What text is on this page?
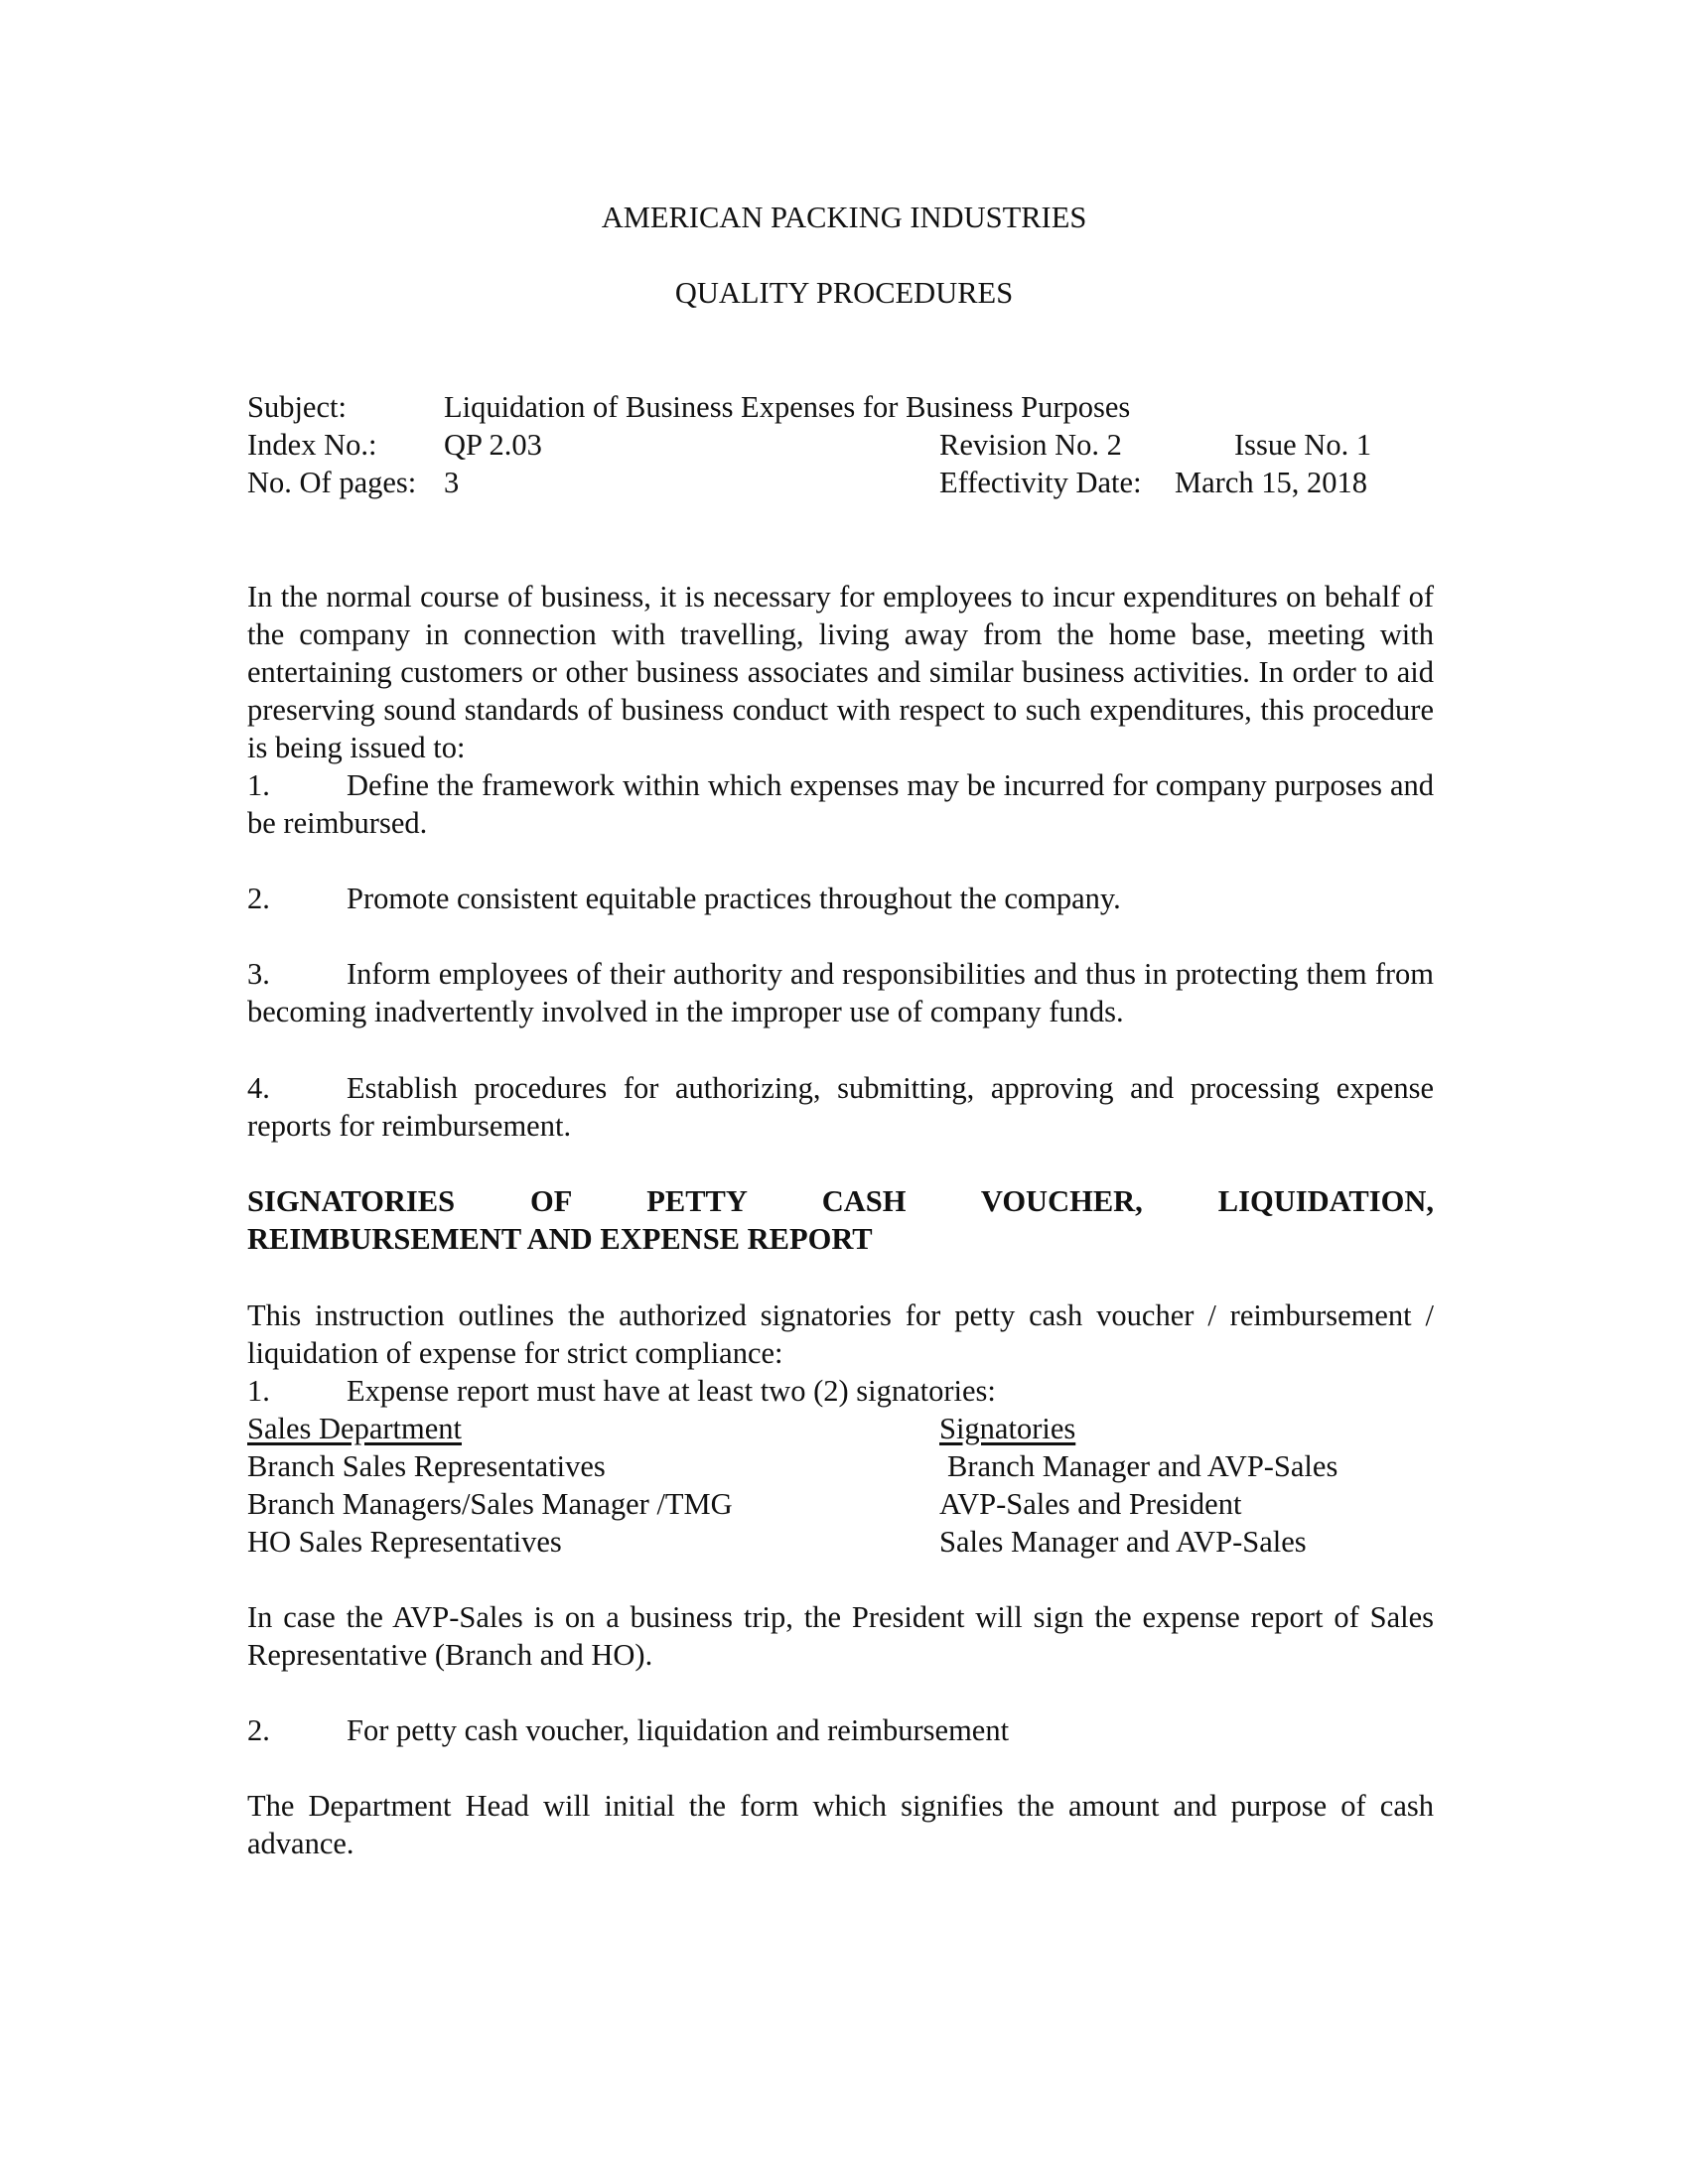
AMERICAN PACKING INDUSTRIES
QUALITY PROCEDURES
Subject:	Liquidation of Business Expenses for Business Purposes
Index No.: QP 2.03	Revision No. 2	Issue No. 1
No. Of pages: 3	Effectivity Date: March 15, 2018
In the normal course of business, it is necessary for employees to incur expenditures on behalf of the company in connection with travelling, living away from the home base, meeting with entertaining customers or other business associates and similar business activities. In order to aid preserving sound standards of business conduct with respect to such expenditures, this procedure is being issued to:
1.	Define the framework within which expenses may be incurred for company purposes and be reimbursed.
2.	Promote consistent equitable practices throughout the company.
3.	Inform employees of their authority and responsibilities and thus in protecting them from becoming inadvertently involved in the improper use of company funds.
4.	Establish procedures for authorizing, submitting, approving and processing expense reports for reimbursement.
SIGNATORIES OF PETTY CASH VOUCHER, LIQUIDATION,
REIMBURSEMENT AND EXPENSE REPORT
This instruction outlines the authorized signatories for petty cash voucher / reimbursement / liquidation of expense for strict compliance:
1.	Expense report must have at least two (2) signatories:
Sales Department	Signatories
Branch Sales Representatives	Branch Manager and AVP-Sales
Branch Managers/Sales Manager /TMG	AVP-Sales and President
HO Sales Representatives	Sales Manager and AVP-Sales
In case the AVP-Sales is on a business trip, the President will sign the expense report of Sales Representative (Branch and HO).
2.	For petty cash voucher, liquidation and reimbursement
The Department Head will initial the form which signifies the amount and purpose of cash advance.
